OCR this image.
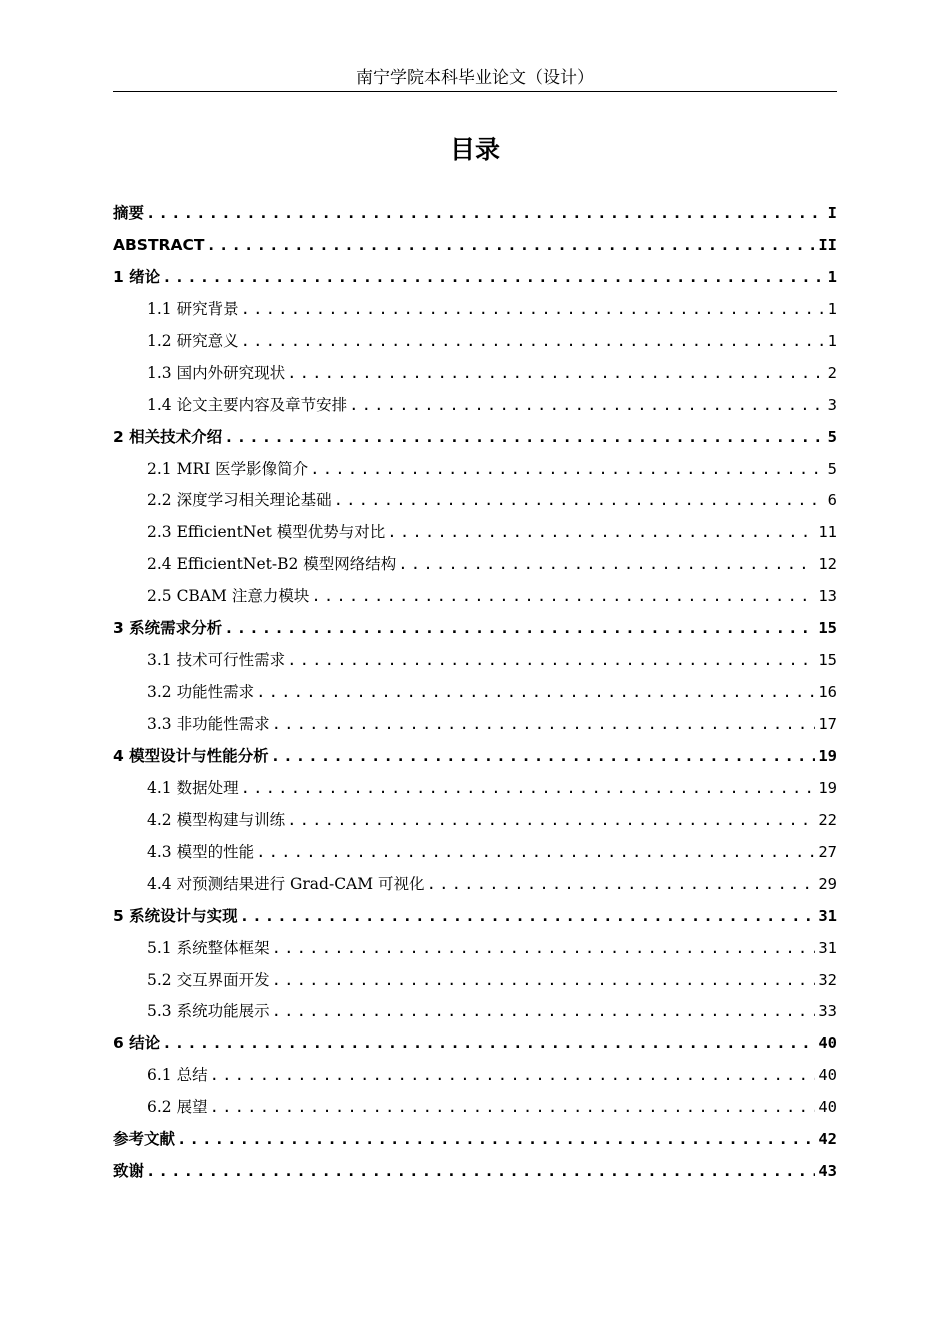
南宁学院本科毕业论文（设计）
目录
摘要 .....	I
ABSTRACT .....	II
1 绪论 .....	1
1.1 研究背景 .....	1
1.2 研究意义 .....	1
1.3 国内外研究现状 .....	2
1.4 论文主要内容及章节安排 .....	3
2 相关技术介绍 .....	5
2.1 MRI 医学影像简介 .....	5
2.2 深度学习相关理论基础 .....	6
2.3 EfficientNet 模型优势与对比 .....	11
2.4 EfficientNet-B2 模型网络结构 .....	12
2.5 CBAM 注意力模块 .....	13
3 系统需求分析 .....	15
3.1 技术可行性需求 .....	15
3.2 功能性需求 .....	16
3.3 非功能性需求 .....	17
4 模型设计与性能分析 .....	19
4.1 数据处理 .....	19
4.2 模型构建与训练 .....	22
4.3 模型的性能 .....	27
4.4 对预测结果进行 Grad-CAM 可视化 .....	29
5 系统设计与实现 .....	31
5.1 系统整体框架 .....	31
5.2 交互界面开发 .....	32
5.3 系统功能展示 .....	33
6 结论 .....	40
6.1 总结 .....	40
6.2 展望 .....	40
参考文献 .....	42
致谢 .....	43
